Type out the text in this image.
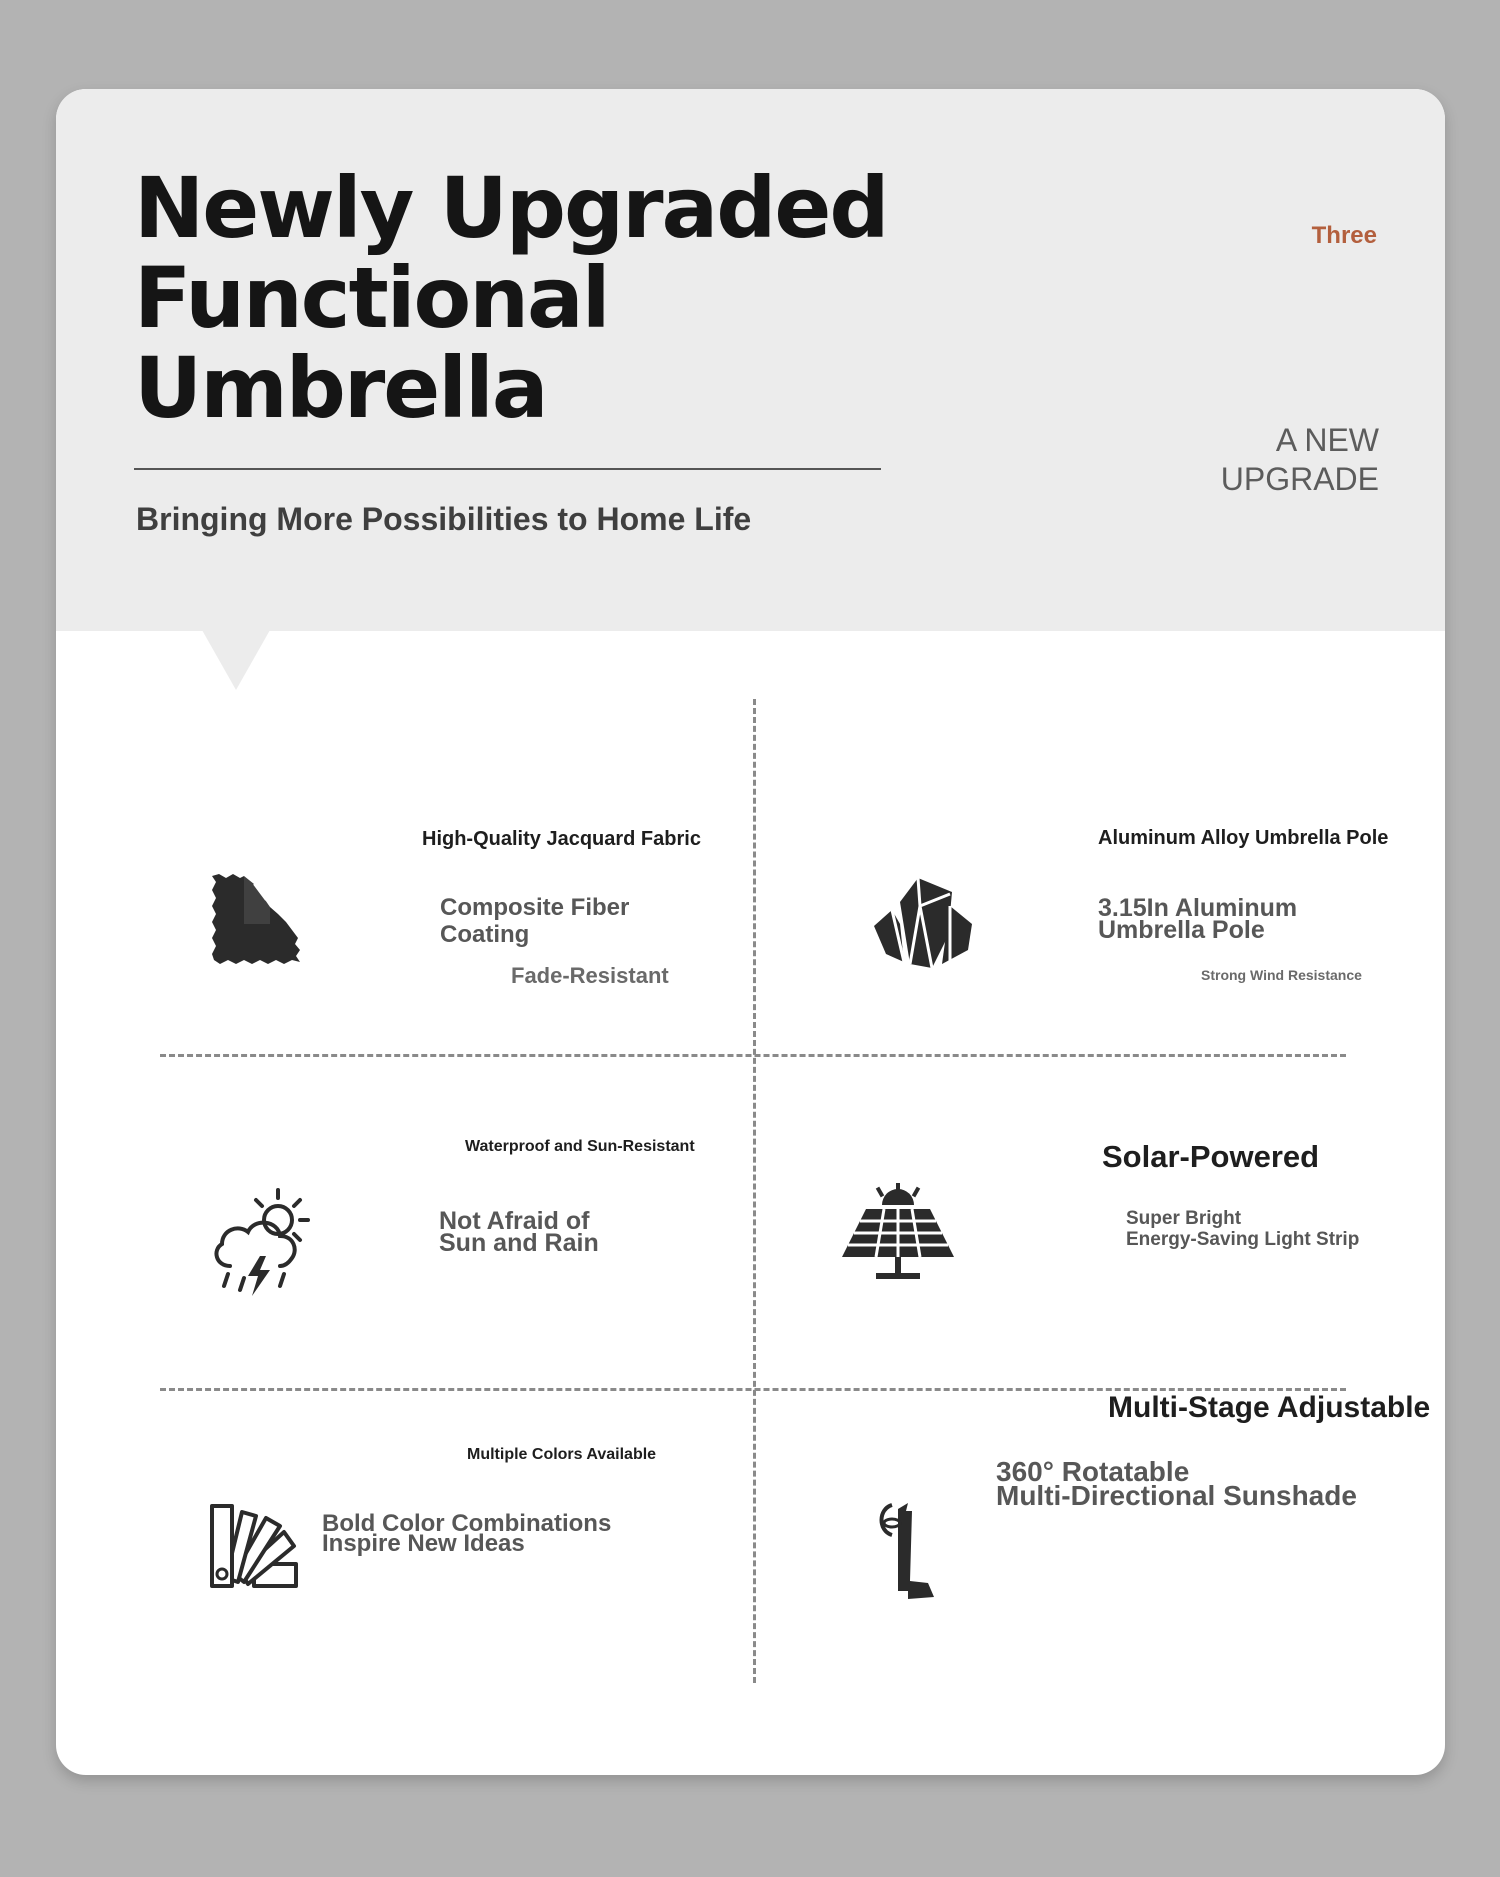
Newly Upgraded
Functional
Umbrella
Bringing More Possibilities to Home Life
Three
A NEW
UPGRADE
High-Quality Jacquard Fabric
Composite Fiber
Coating
Fade-Resistant
Aluminum Alloy Umbrella Pole
3.15In Aluminum
Umbrella Pole
Strong Wind Resistance
Waterproof and Sun-Resistant
Not Afraid of
Sun and Rain
Solar-Powered
Super Bright
Energy-Saving Light Strip
Multiple Colors Available
Bold Color Combinations
Inspire New Ideas
Multi-Stage Adjustable
360° Rotatable
Multi-Directional Sunshade
